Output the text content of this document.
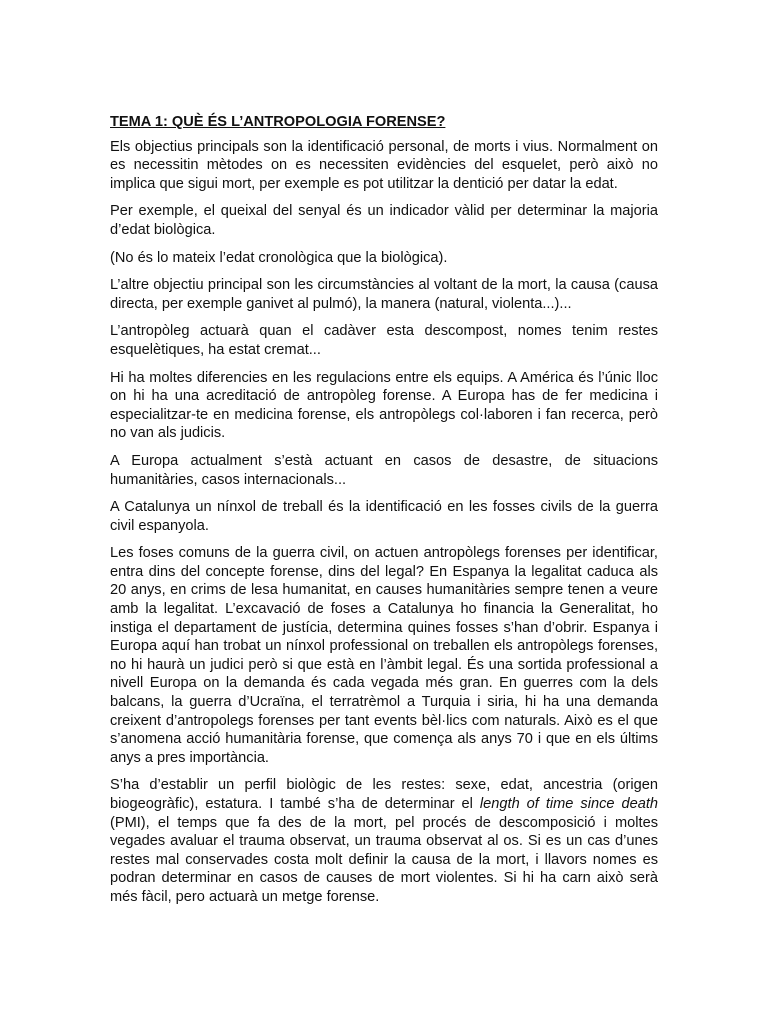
TEMA 1: QUÈ ÉS L’ANTROPOLOGIA FORENSE?

Els objectius principals son la identificació personal, de morts i vius. Normalment on es necessitin mètodes on es necessiten evidències del esquelet, però això no implica que sigui mort, per exemple es pot utilitzar la dentició per datar la edat.

Per exemple, el queixal del senyal és un indicador vàlid per determinar la majoria d’edat biològica.

(No és lo mateix l’edat cronològica que la biològica).

L’altre objectiu principal son les circumstàncies al voltant de la mort, la causa (causa directa, per exemple ganivet al pulmó), la manera (natural, violenta...)...

L’antropòleg actuarà quan el cadàver esta descompost, nomes tenim restes esquelètiques, ha estat cremat...

Hi ha moltes diferencies en les regulacions entre els equips. A América és l’únic lloc on hi ha una acreditació de antropòleg forense. A Europa has de fer medicina i especialitzar-te en medicina forense, els antropòlegs col·laboren i fan recerca, però no van als judicis.

A Europa actualment s’està actuant en casos de desastre, de situacions humanitàries, casos internacionals...

A Catalunya un nínxol de treball és la identificació en les fosses civils de la guerra civil espanyola.

Les foses comuns de la guerra civil, on actuen antropòlegs forenses per identificar, entra dins del concepte forense, dins del legal? En Espanya la legalitat caduca als 20 anys, en crims de lesa humanitat, en causes humanitàries sempre tenen a veure amb la legalitat. L’excavació de foses a Catalunya ho financia la Generalitat, ho instiga el departament de justícia, determina quines fosses s’han d’obrir. Espanya i Europa aquí han trobat un nínxol professional on treballen els antropòlegs forenses, no hi haurà un judici però si que està en l’àmbit legal. És una sortida professional a nivell Europa on la demanda és cada vegada més gran. En guerres com la dels balcans, la guerra d’Ucraïna, el terratrèmol a Turquia i siria, hi ha una demanda creixent d’antropolegs forenses per tant events bèl·lics com naturals. Això es el que s’anomena acció humanitària forense, que comença als anys 70 i que en els últims anys a pres importància.

S’ha d’establir un perfil biològic de les restes: sexe, edat, ancestria (origen biogeogràfic), estatura. I també s’ha de determinar el length of time since death (PMI), el temps que fa des de la mort, pel procés de descomposició i moltes vegades avaluar el trauma observat, un trauma observat al os. Si es un cas d’unes restes mal conservades costa molt definir la causa de la mort, i llavors nomes es podran determinar en casos de causes de mort violentes. Si hi ha carn això serà més fàcil, pero actuarà un metge forense.
